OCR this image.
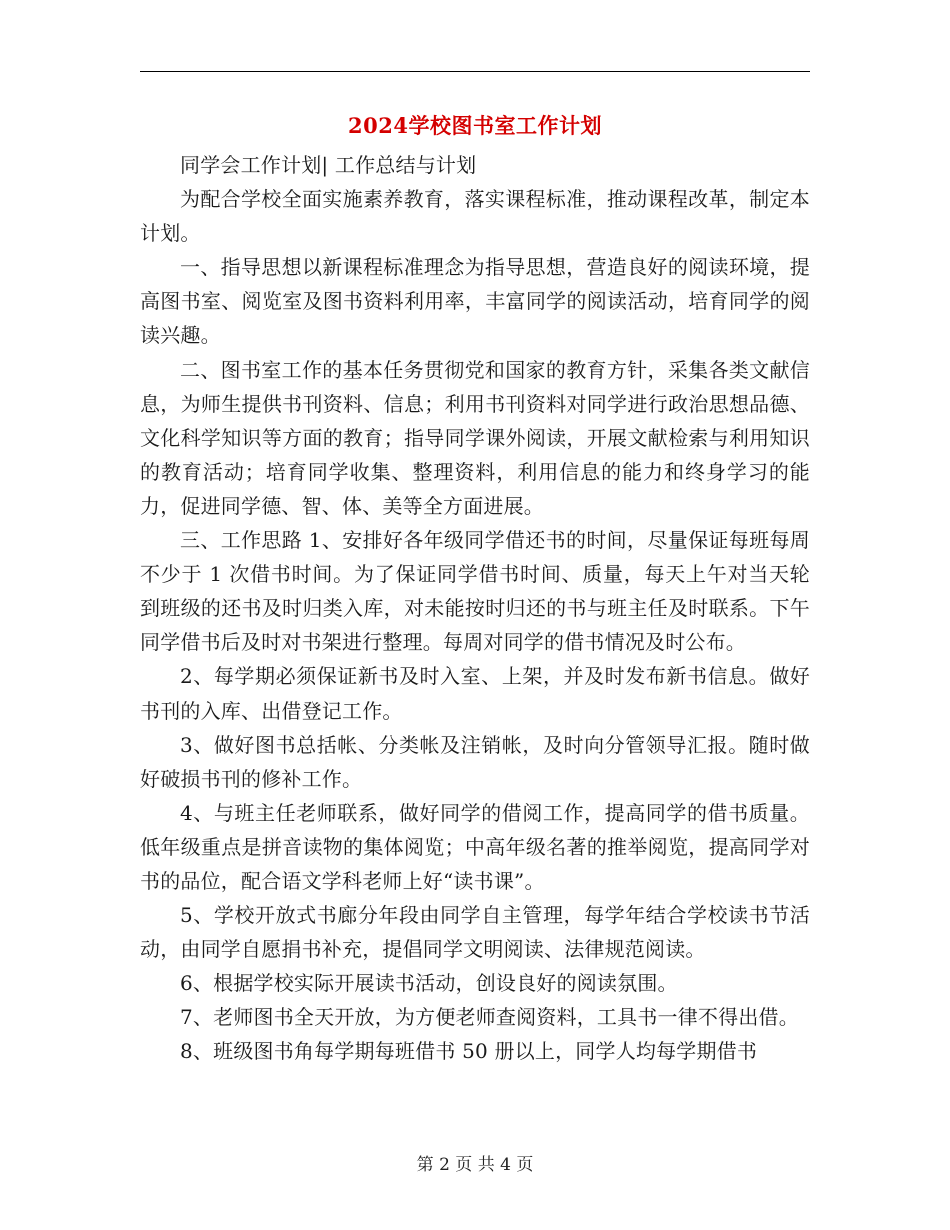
2024学校图书室工作计划

同学会工作计划| 工作总结与计划

为配合学校全面实施素养教育，落实课程标准，推动课程改革，制定本计划。

一、指导思想以新课程标准理念为指导思想，营造良好的阅读环境，提高图书室、阅览室及图书资料利用率，丰富同学的阅读活动，培育同学的阅读兴趣。

二、图书室工作的基本任务贯彻党和国家的教育方针，采集各类文献信息，为师生提供书刊资料、信息；利用书刊资料对同学进行政治思想品德、文化科学知识等方面的教育；指导同学课外阅读，开展文献检索与利用知识的教育活动；培育同学收集、整理资料，利用信息的能力和终身学习的能力，促进同学德、智、体、美等全方面进展。

三、工作思路 1、安排好各年级同学借还书的时间，尽量保证每班每周不少于 1 次借书时间。为了保证同学借书时间、质量，每天上午对当天轮到班级的还书及时归类入库，对未能按时归还的书与班主任及时联系。下午同学借书后及时对书架进行整理。每周对同学的借书情况及时公布。

2、每学期必须保证新书及时入室、上架，并及时发布新书信息。做好书刊的入库、出借登记工作。

3、做好图书总括帐、分类帐及注销帐，及时向分管领导汇报。随时做好破损书刊的修补工作。

4、与班主任老师联系，做好同学的借阅工作，提高同学的借书质量。低年级重点是拼音读物的集体阅览；中高年级名著的推举阅览，提高同学对书的品位，配合语文学科老师上好“读书课”。

5、学校开放式书廊分年段由同学自主管理，每学年结合学校读书节活动，由同学自愿捐书补充，提倡同学文明阅读、法律规范阅读。

6、根据学校实际开展读书活动，创设良好的阅读氛围。

7、老师图书全天开放，为方便老师查阅资料，工具书一律不得出借。

8、班级图书角每学期每班借书 50 册以上，同学人均每学期借书

第 2 页 共 4 页
